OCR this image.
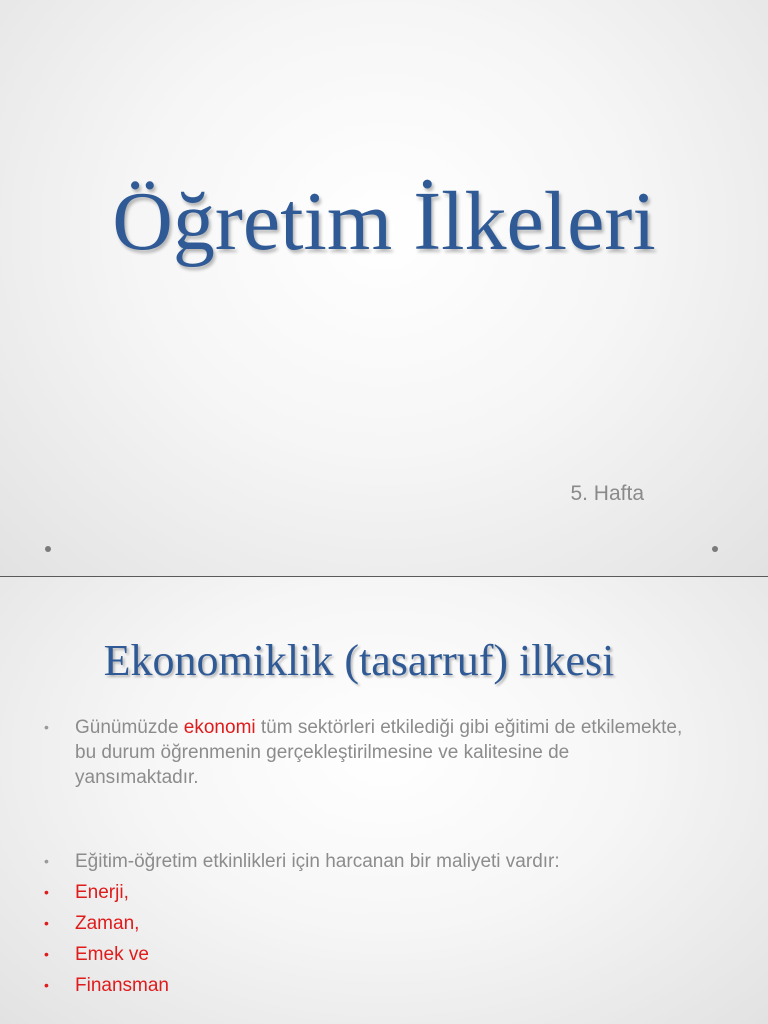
Öğretim İlkeleri
5. Hafta
Ekonomiklik (tasarruf) ilkesi
• Günümüzde ekonomi tüm sektörleri etkilediği gibi eğitimi de etkilemekte, bu durum öğrenmenin gerçekleştirilmesine ve kalitesine de yansımaktadır.
• Eğitim-öğretim etkinlikleri için harcanan bir maliyeti vardır:
• Enerji,
• Zaman,
• Emek ve
• Finansman
